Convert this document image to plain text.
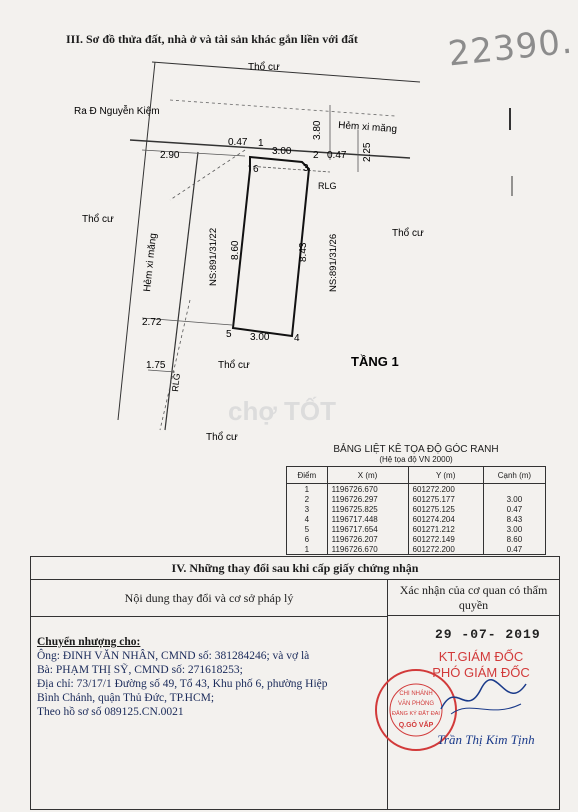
III. Sơ đồ thửa đất, nhà ở và tài sản khác gắn liền với đất	22390.
Thổ cư
Ra Đ Nguyễn Kiệm
Hẻm xi măng
Thổ cư
Thổ cư
Hẻm xi măng
Thổ cư
Thổ cư
RLG
RLG
NS:891/31/22	NS:891/31/26
TẦNG 1
chợ TỐT
0.47
3.00	0.47
2.90
3.80
2.25
8.60	8.43
2.72
3.00
1.75
1
2
3
4
5
6
BẢNG LIỆT KÊ TỌA ĐỘ GÓC RANH
(Hệ tọa độ VN 2000)
Điểm	X (m)	Y (m)	Cạnh (m)
1	1196726.670	601272.200	
2	1196726.297	601275.177	3.00
3	1196725.825	601275.125	0.47
4	1196717.448	601274.204	8.43
5	1196717.654	601271.212	3.00
6	1196726.207	601272.149	8.60
1	1196726.670	601272.200	0.47
IV. Những thay đổi sau khi cấp giấy chứng nhận
Nội dung thay đổi và cơ sở pháp lý
Xác nhận của cơ quan có thẩm quyền
Chuyển nhượng cho:
Ông: ĐINH VĂN NHÂN, CMND số: 381284246; và vợ là
Bà: PHẠM THỊ SỸ, CMND số: 271618253;
Địa chỉ: 73/17/1 Đường số 49, Tổ 43, Khu phố 6, phường Hiệp
Bình Chánh, quận Thủ Đức, TP.HCM;
Theo hồ sơ số 089125.CN.0021
29 -07- 2019
KT.GIÁM ĐỐC
PHÓ GIÁM ĐỐC
CHI NHÁNH
VĂN PHÒNG
ĐĂNG KÝ ĐẤT ĐAI
Q.GÒ VẤP
Trần Thị Kim Tịnh
